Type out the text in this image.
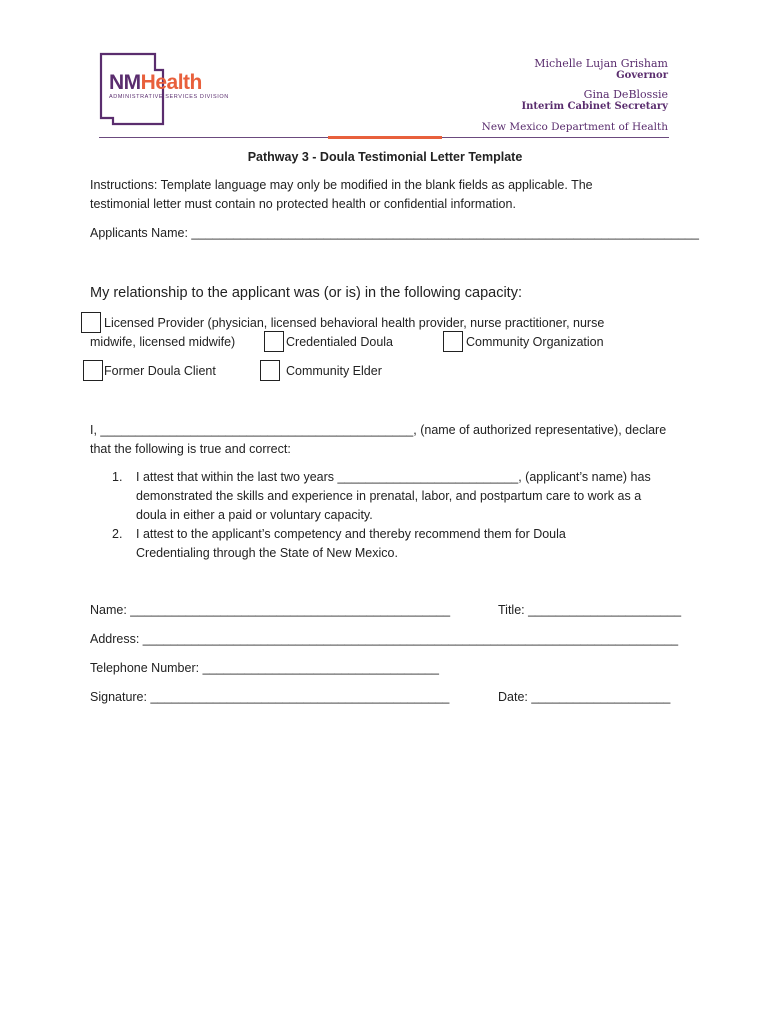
NMHealth
ADMINISTRATIVE SERVICES DIVISION
Michelle Lujan Grisham
Governor
Gina DeBlossie
Interim Cabinet Secretary
New Mexico Department of Health
Pathway 3 - Doula Testimonial Letter Template
Instructions: Template language may only be modified in the blank fields as applicable. The
testimonial letter must contain no protected health or confidential information.
Applicants Name: _________________________________________________________________________
My relationship to the applicant was (or is) in the following capacity:
Licensed Provider (physician, licensed behavioral health provider, nurse practitioner, nurse
midwife, licensed midwife)	Credentialed Doula	Community Organization
Former Doula Client	Community Elder
I, _____________________________________________, (name of authorized representative), declare
that the following is true and correct:
1. I attest that within the last two years __________________________, (applicant’s name) has
demonstrated the skills and experience in prenatal, labor, and postpartum care to work as a
doula in either a paid or voluntary capacity.
2. I attest to the applicant’s competency and thereby recommend them for Doula
Credentialing through the State of New Mexico.
Name: ______________________________________________	Title: ______________________
Address: _____________________________________________________________________________
Telephone Number: __________________________________
Signature: ___________________________________________	Date: ____________________
